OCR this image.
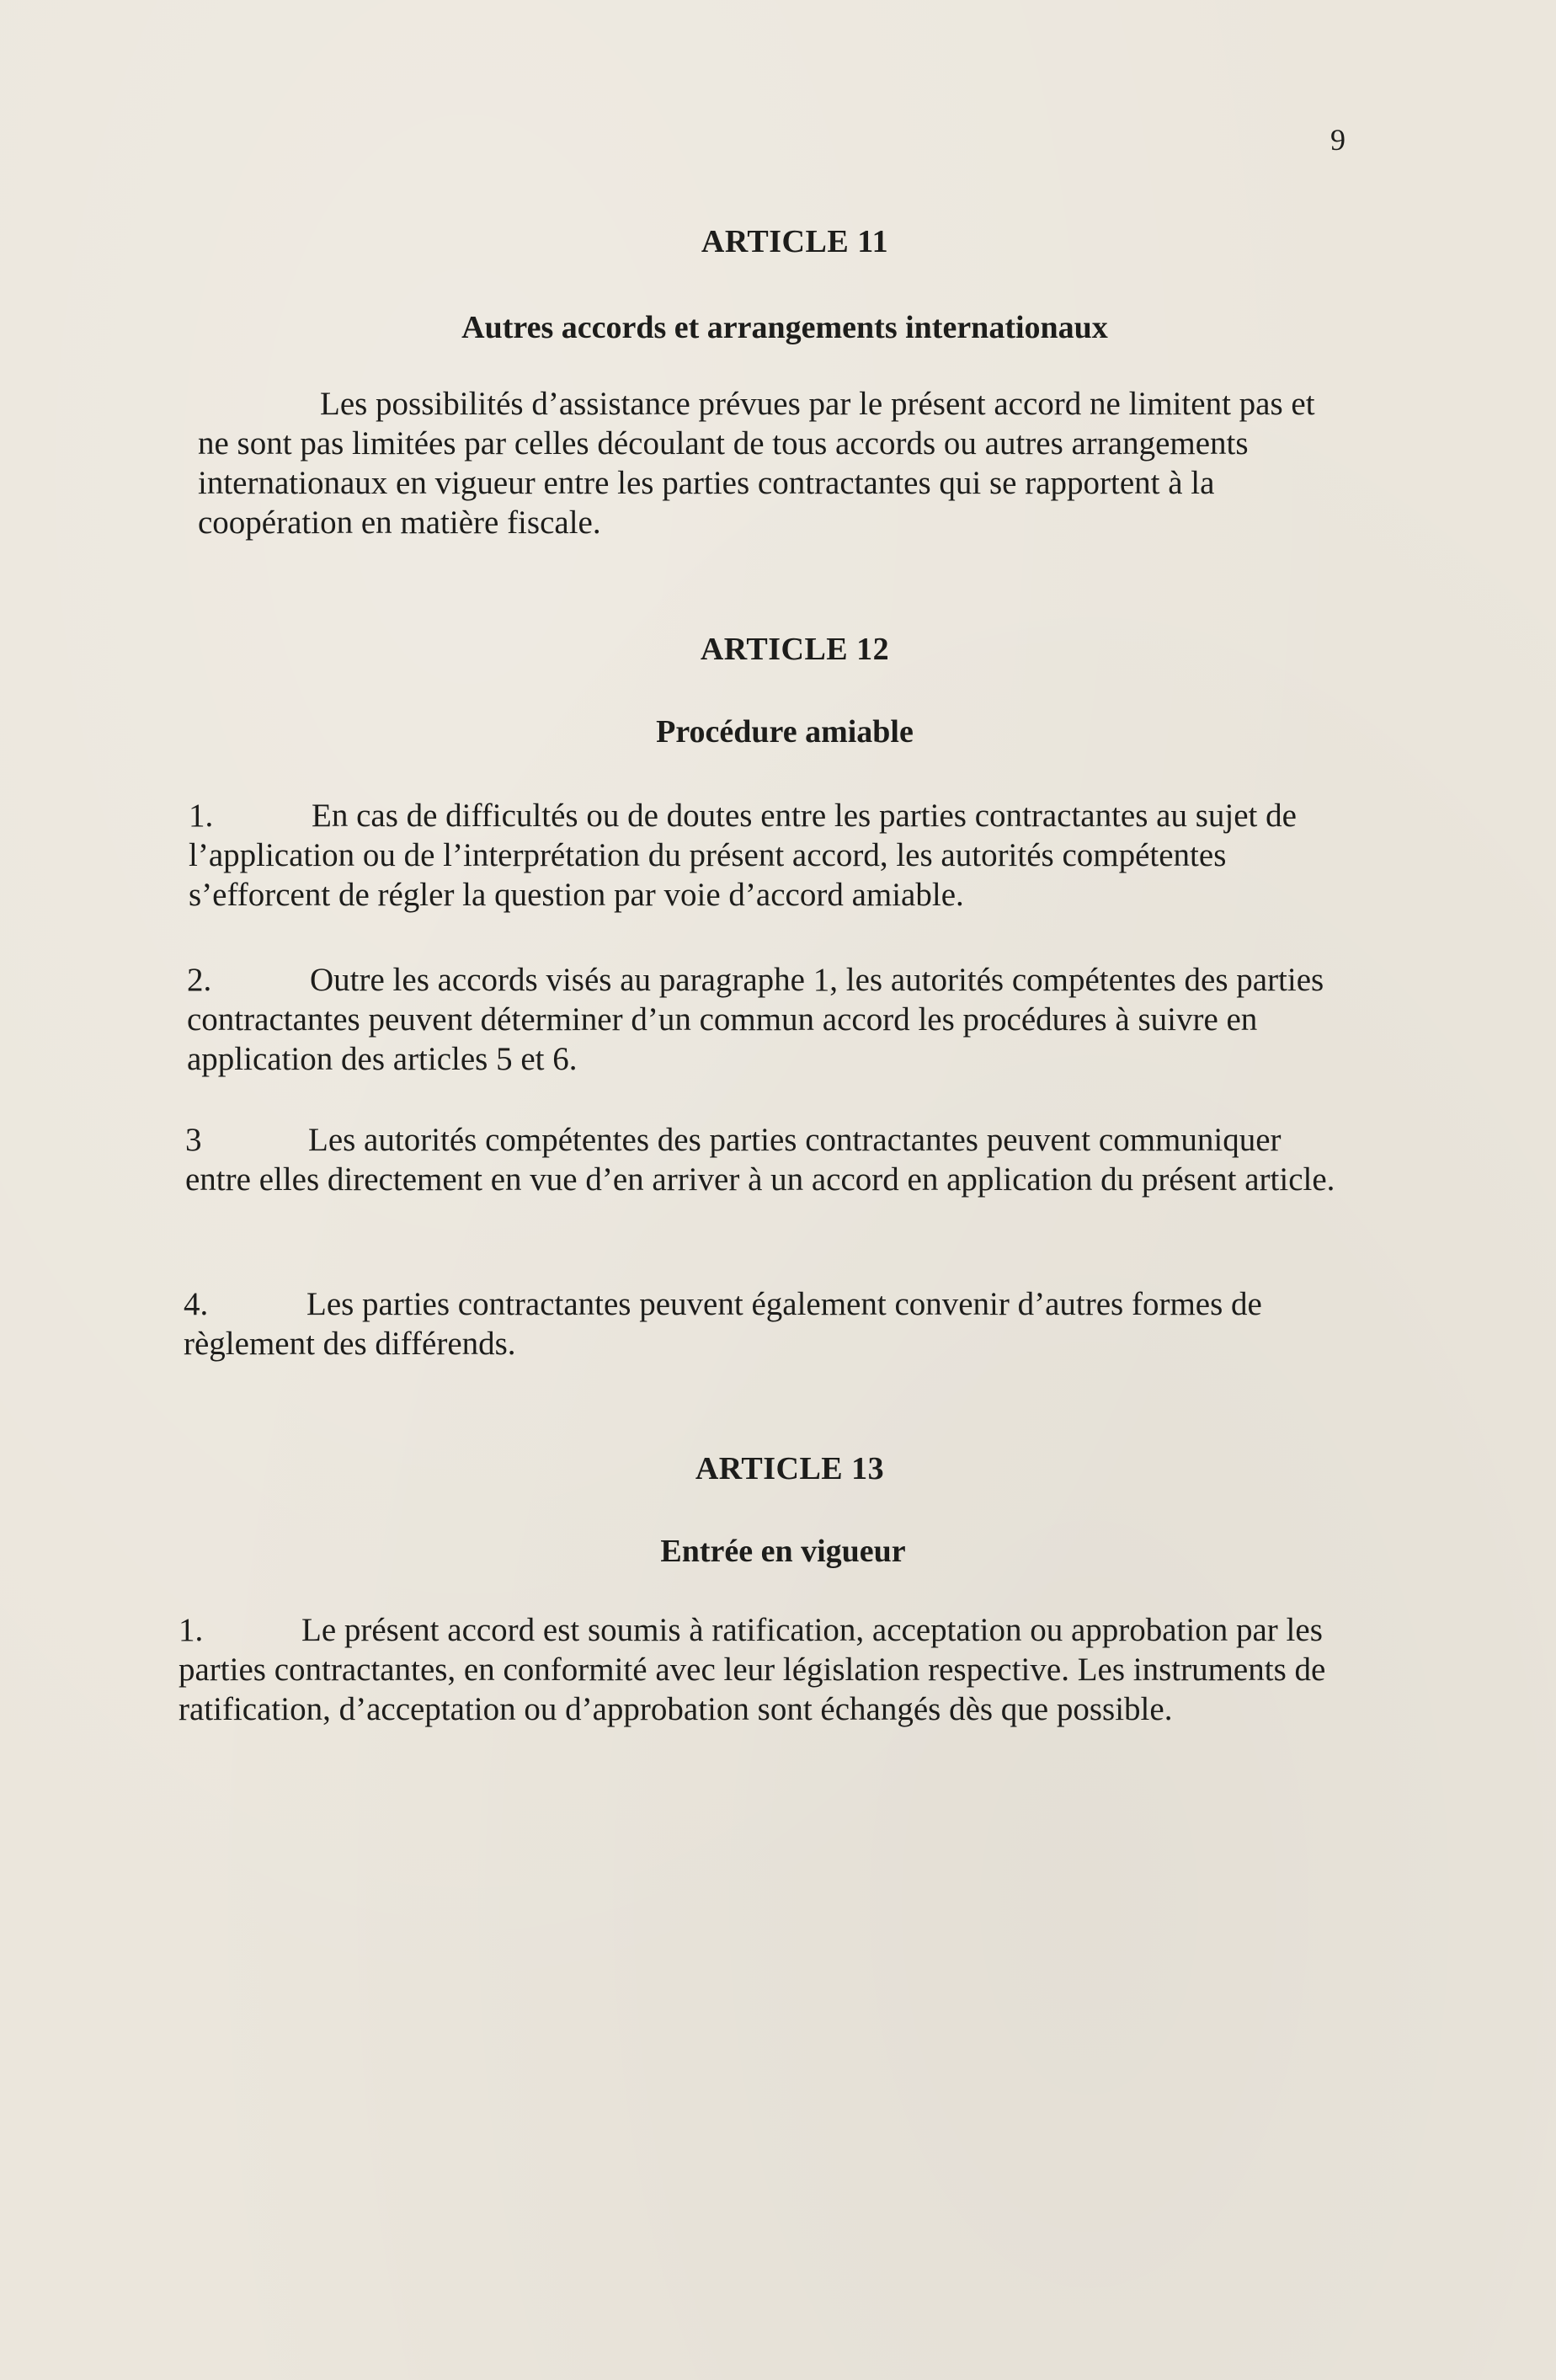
9
ARTICLE 11
Autres accords et arrangements internationaux
Les possibilités d’assistance prévues par le présent accord ne limitent pas et ne sont pas limitées par celles découlant de tous accords ou autres arrangements internationaux en vigueur entre les parties contractantes qui se rapportent à la coopération en matière fiscale.
ARTICLE 12
Procédure amiable
1.	En cas de difficultés ou de doutes entre les parties contractantes au sujet de l’application ou de l’interprétation du présent accord, les autorités compétentes s’efforcent de régler la question par voie d’accord amiable.
2.	Outre les accords visés au paragraphe 1, les autorités compétentes des parties contractantes peuvent déterminer d’un commun accord les procédures à suivre en application des articles 5 et 6.
3	Les autorités compétentes des parties contractantes peuvent communiquer entre elles directement en vue d’en arriver à un accord en application du présent article.
4.	Les parties contractantes peuvent également convenir d’autres formes de règlement des différends.
ARTICLE 13
Entrée en vigueur
1.	Le présent accord est soumis à ratification, acceptation ou approbation par les parties contractantes, en conformité avec leur législation respective. Les instruments de ratification, d’acceptation ou d’approbation sont échangés dès que possible.
